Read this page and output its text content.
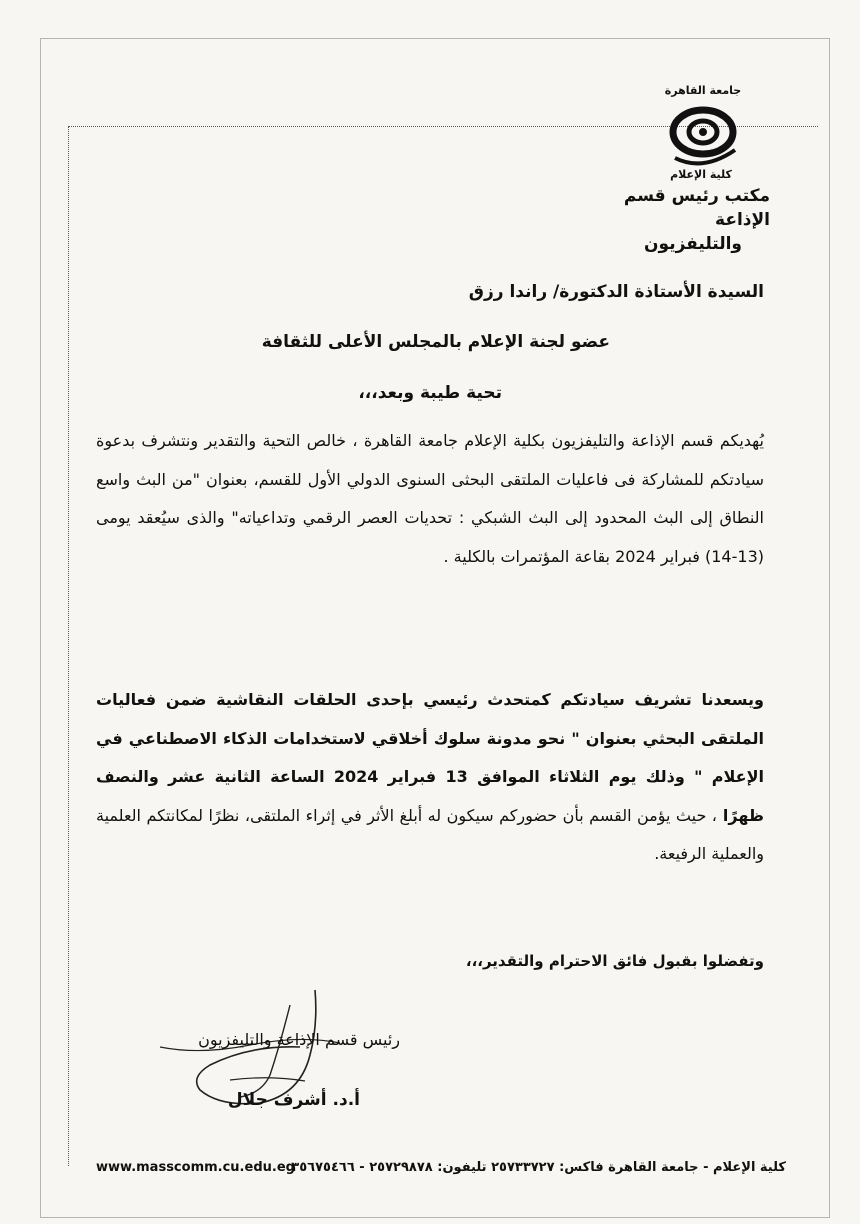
جامعة القاهرة
كلية الإعلام
مكتب رئيس قسم الإذاعة
والتليفزيون
السيدة الأستاذة الدكتورة/ راندا رزق
عضو لجنة الإعلام بالمجلس الأعلى للثقافة
تحية طيبة وبعد،،،
يُهديكم قسم الإذاعة والتليفزيون بكلية الإعلام جامعة القاهرة ، خالص التحية والتقدير ونتشرف بدعوة سيادتكم للمشاركة فى فاعليات الملتقى البحثى السنوى الدولي الأول للقسم، بعنوان "من البث واسع النطاق إلى البث المحدود إلى البث الشبكي : تحديات العصر الرقمي وتداعياته" والذى سيُعقد يومى (13-14) فبراير 2024 بقاعة المؤتمرات بالكلية .
ويسعدنا تشريف سيادتكم كمتحدث رئيسي بإحدى الحلقات النقاشية ضمن فعاليات الملتقى البحثي بعنوان " نحو مدونة سلوك أخلاقي لاستخدامات الذكاء الاصطناعي في الإعلام " وذلك يوم الثلاثاء الموافق 13 فبراير 2024 الساعة الثانية عشر والنصف ظهرًا ، حيث يؤمن القسم بأن حضوركم سيكون له أبلغ الأثر في إثراء الملتقى، نظرًا لمكانتكم العلمية والعملية الرفيعة.
وتفضلوا بقبول فائق الاحترام والتقدير،،،
رئيس قسم الإذاعة والتليفزيون
أ.د. أشرف جلال
كلية الإعلام - جامعة القاهرة فاكس: ٢٥٧٣٣٧٢٧ تليفون: ٢٥٧٢٩٨٧٨ - ٣٥٦٧٥٤٦٦
www.masscomm.cu.edu.eg
